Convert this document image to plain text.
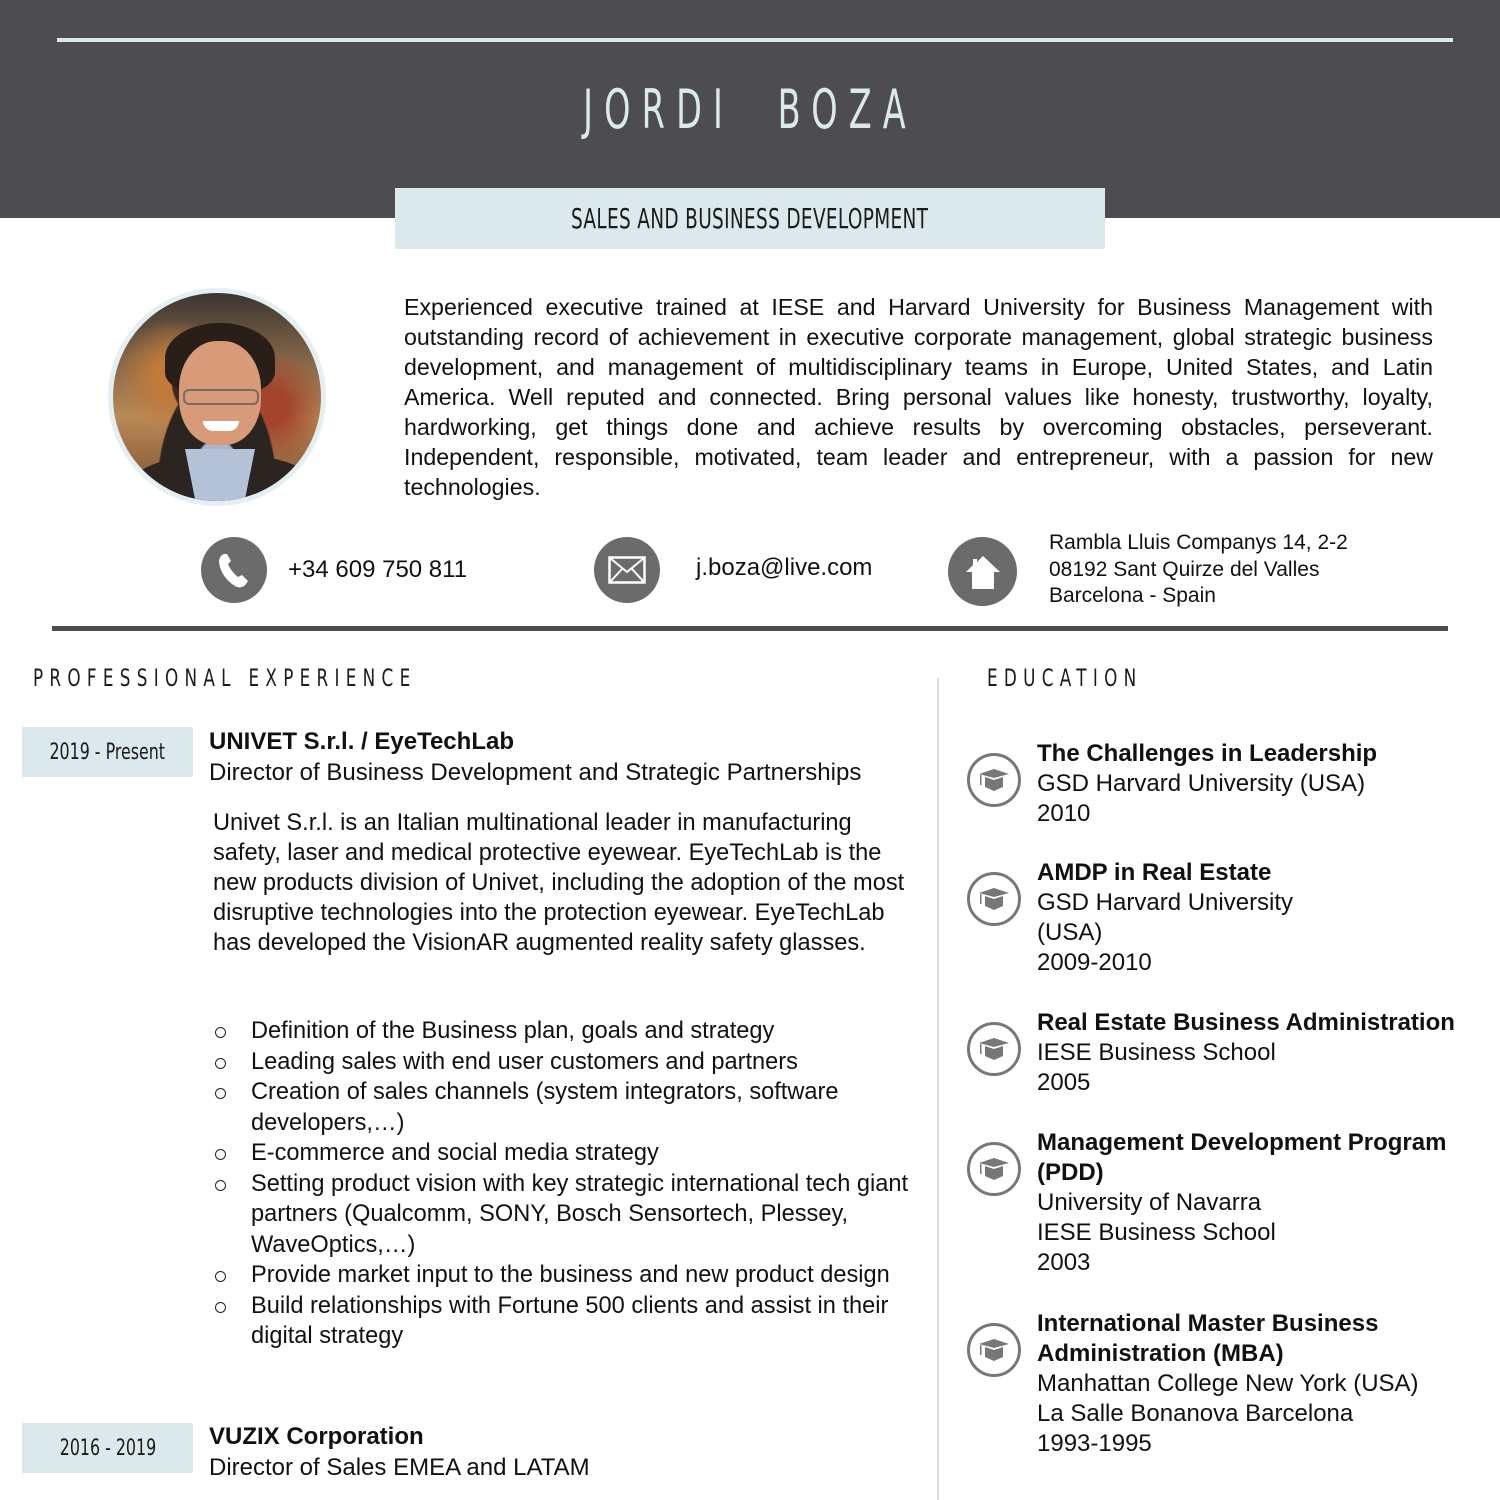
JORDI  BOZA
SALES AND BUSINESS DEVELOPMENT

Experienced executive trained at IESE and Harvard University for Business Management with outstanding record of achievement in executive corporate management, global strategic business development, and management of multidisciplinary teams in Europe, United States, and Latin America. Well reputed and connected. Bring personal values like honesty, trustworthy, loyalty, hardworking, get things done and achieve results by overcoming obstacles, perseverant. Independent, responsible, motivated, team leader and entrepreneur, with a passion for new technologies.

+34 609 750 811	j.boza@live.com
Rambla Lluis Companys 14, 2-2
08192 Sant Quirze del Valles
Barcelona - Spain
PROFESSIONAL EXPERIENCE
2019 - Present UNIVET S.r.l. / EyeTechLab
Director of Business Development and Strategic Partnerships

Univet S.r.l. is an Italian multinational leader in manufacturing safety, laser and medical protective eyewear. EyeTechLab is the new products division of Univet, including the adoption of the most disruptive technologies into the protection eyewear. EyeTechLab has developed the VisionAR augmented reality safety glasses.

Definition of the Business plan, goals and strategy
Leading sales with end user customers and partners
Creation of sales channels (system integrators, software developers,…)
E-commerce and social media strategy
Setting product vision with key strategic international tech giant partners (Qualcomm, SONY, Bosch Sensortech, Plessey, WaveOptics,…)
Provide market input to the business and new product design
Build relationships with Fortune 500 clients and assist in their digital strategy
2016 - 2019 VUZIX Corporation
Director of Sales EMEA and LATAM
EDUCATION
The Challenges in Leadership
GSD Harvard University (USA)
2010
AMDP in Real Estate
GSD Harvard University
(USA)
2009-2010
Real Estate Business Administration
IESE Business School
2005
Management Development Program (PDD)
University of Navarra
IESE Business School
2003
International Master Business Administration (MBA)
Manhattan College New York (USA)
La Salle Bonanova Barcelona
1993-1995
